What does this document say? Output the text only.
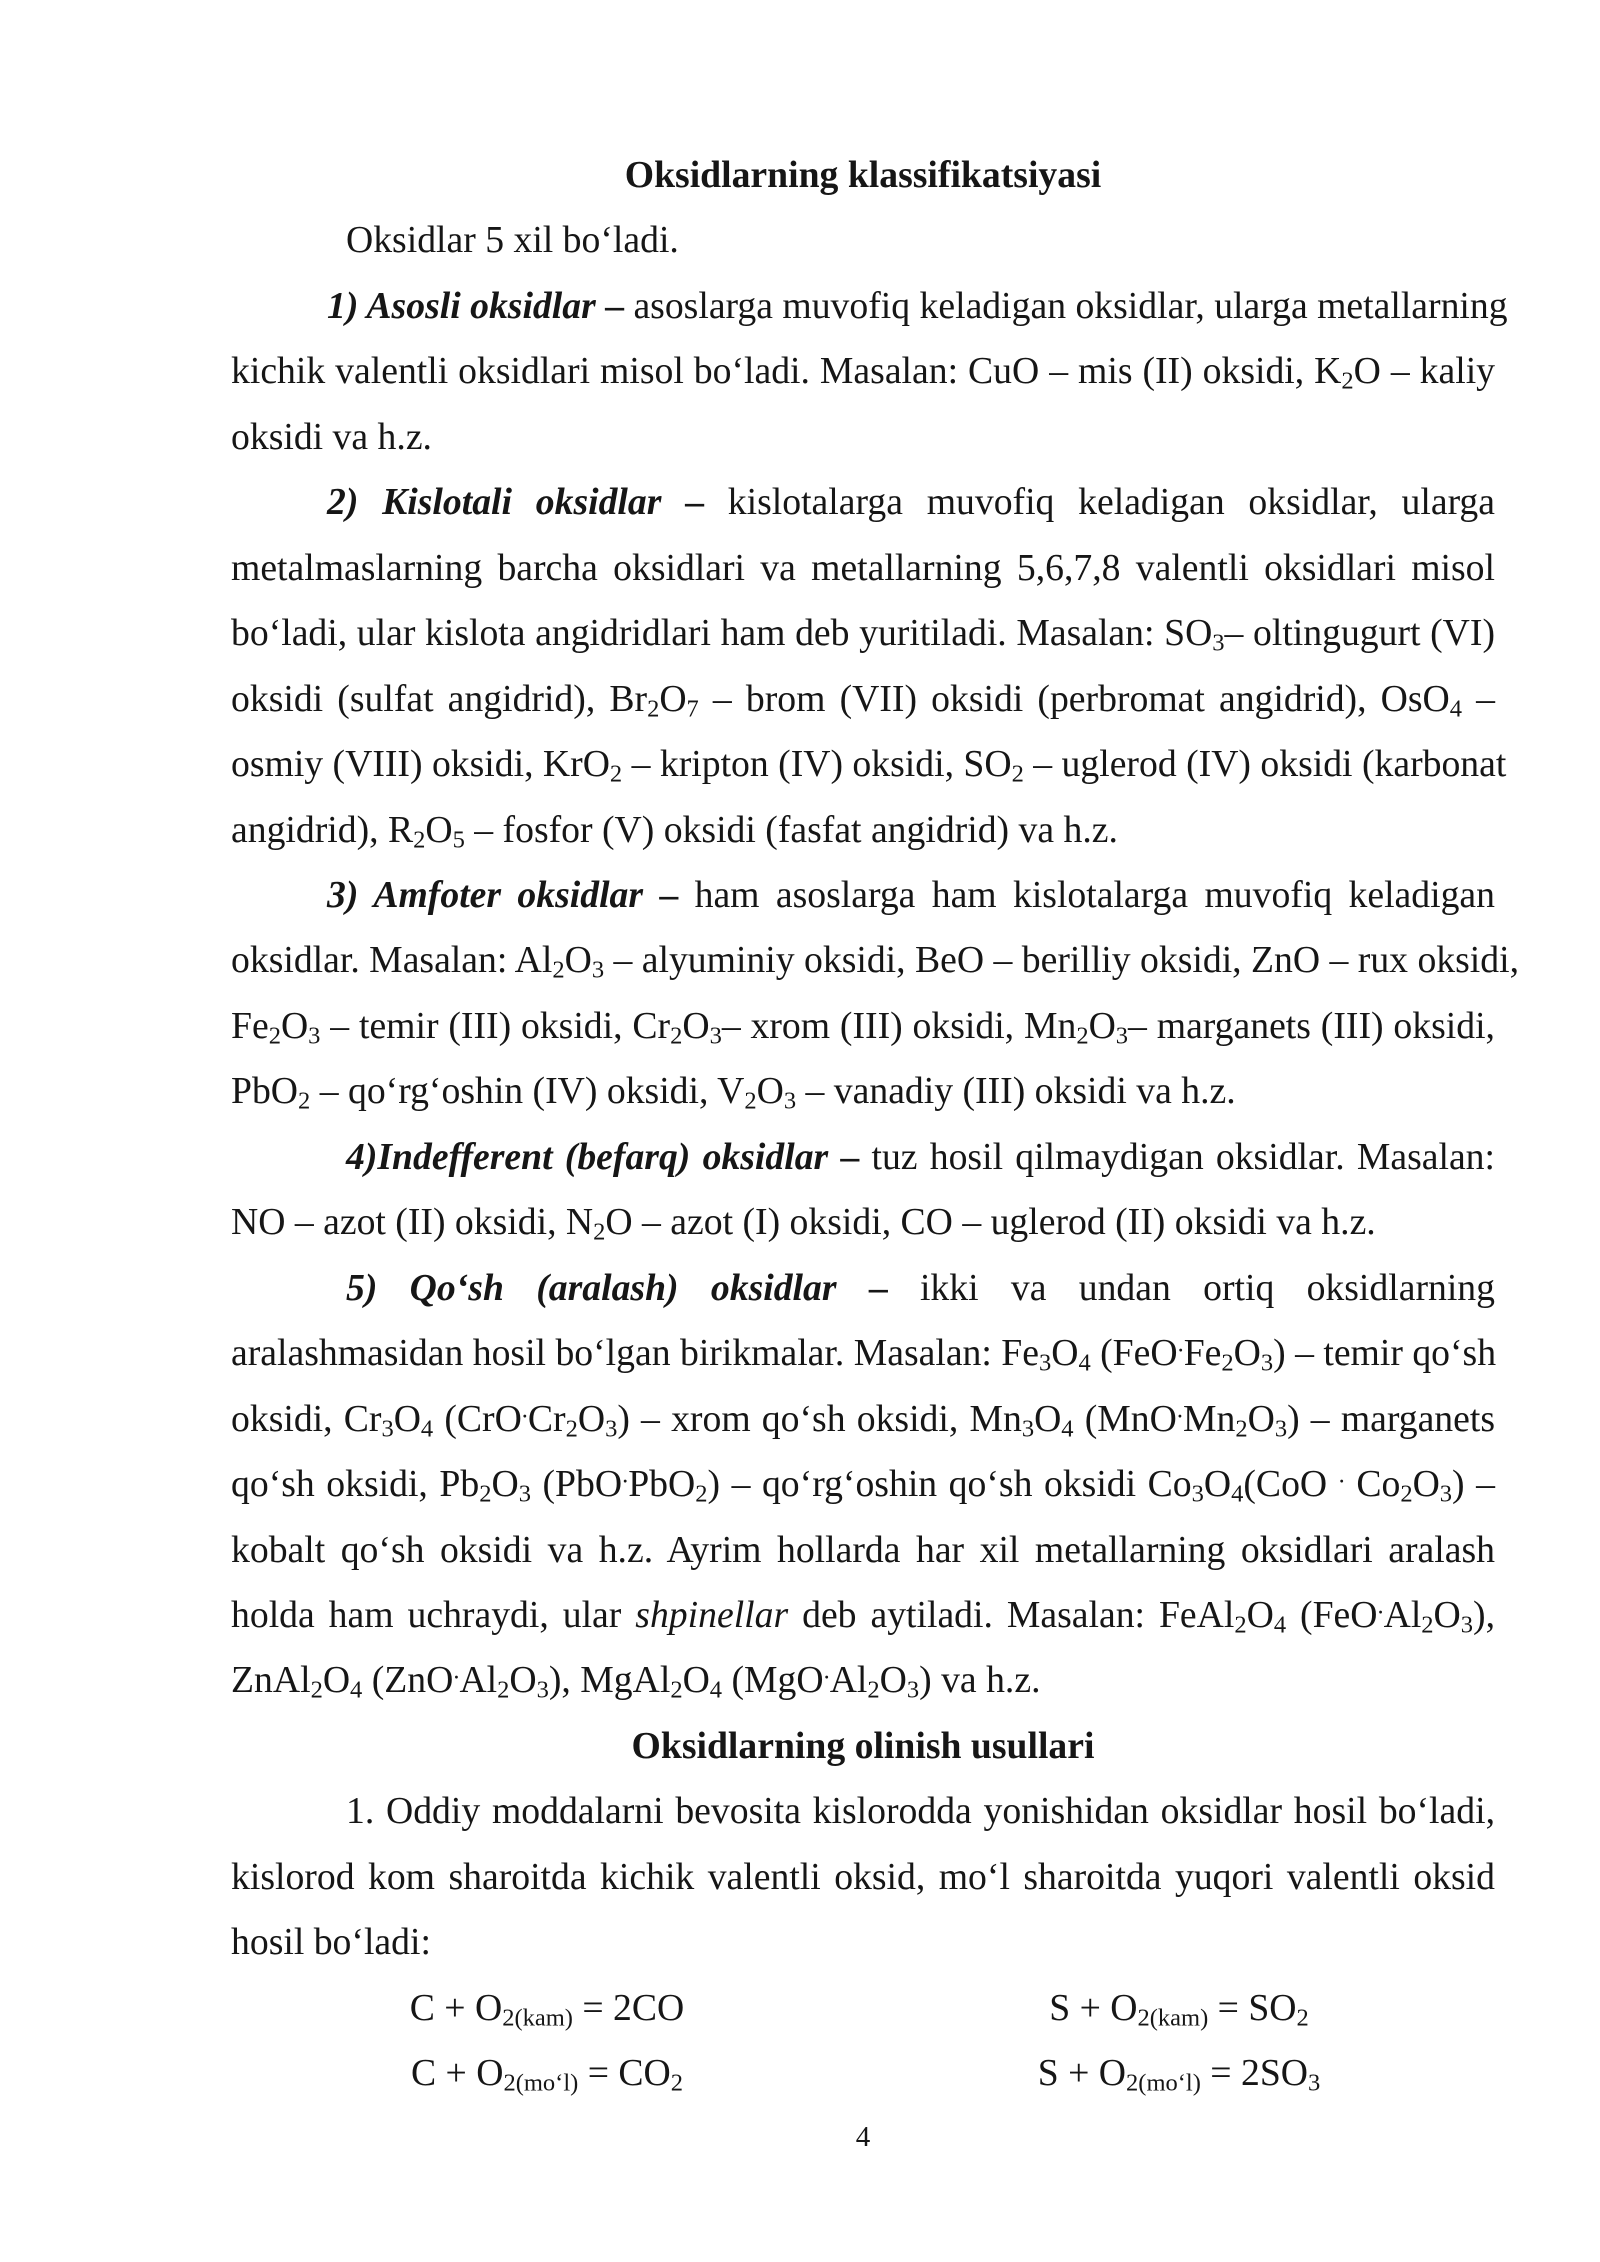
Oksidlarning klassifikatsiyasi
Oksidlar 5 xil bo‘ladi.
1) Asosli oksidlar – asoslarga muvofiq keladigan oksidlar, ularga metallarning
kichik valentli oksidlari misol bo‘ladi. Masalan: CuO – mis (II) oksidi, $K_2O$ – kaliy
oksidi va h.z.
2) Kislotali oksidlar – kislotalarga muvofiq keladigan oksidlar, ularga
metalmaslarning barcha oksidlari va metallarning 5,6,7,8 valentli oksidlari misol
bo‘ladi, ular kislota angidridlari ham deb yuritiladi. Masalan: $SO_3-$ oltingugurt (VI)
oksidi (sulfat angidrid), $Br_2O_7$ – brom (VII) oksidi (perbromat angidrid), OsO$_4$ –
osmiy (VIII) oksidi, KrO$_2$ – kripton (IV) oksidi, $SO_2$ – uglerod (IV) oksidi (karbonat
angidrid), $R_2O_5$ – fosfor (V) oksidi (fasfat angidrid) va h.z.
3) Amfoter oksidlar – ham asoslarga ham kislotalarga muvofiq keladigan
oksidlar. Masalan: $Al_2O_3$ – alyuminiy oksidi, BeO – berilliy oksidi, ZnO – rux oksidi,
$Fe_2O_3$ – temir (III) oksidi, $Cr_2O_3-$ xrom (III) oksidi, $Mn_2O_3-$ marganets (III) oksidi,
PbO$_2$ – qo‘rg‘oshin (IV) oksidi, $V_2O_3$ – vanadiy (III) oksidi va h.z.
4)Indefferent (befarq) oksidlar – tuz hosil qilmaydigan oksidlar. Masalan:
NO – azot (II) oksidi, $N_2O$ – azot (I) oksidi, CO – uglerod (II) oksidi va h.z.
5) Qo‘sh (aralash) oksidlar – ikki va undan ortiq oksidlarning
aralashmasidan hosil bo‘lgan birikmalar. Masalan: $Fe_3O_4$ $(FeO^.Fe_2O_3)$ – temir qo‘sh
oksidi, $Cr_3O_4$ $(CrO^.Cr_2O_3)$ – xrom qo‘sh oksidi, $Mn_3O_4$ $(MnO^.Mn_2O_3)$ – marganets
qo‘sh oksidi, $Pb_2O_3$ (PbO.PbO$_2$) – qo‘rg‘oshin qo‘sh oksidi $Co_3O_4(CoO$ . $Co_2O_3$) –
kobalt qo‘sh oksidi va h.z. Ayrim hollarda har xil metallarning oksidlari aralash
holda ham uchraydi, ular shpinellar deb aytiladi. Masalan: $FeAl_2O_4$ $(FeO^.Al_2O_3)$,
$ZnAl_2O_4$ $(ZnO^.Al_2O_3)$, $MgAl_2O_4$ $(MgO^.Al_2O_3)$ va h.z.
Oksidlarning olinish usullari
1. Oddiy moddalarni bevosita kislorodda yonishidan oksidlar hosil bo‘ladi,
kislorod kom sharoitda kichik valentli oksid, mo‘l sharoitda yuqori valentli oksid
hosil bo‘ladi:
$C + O_{2(kam)} = 2CO$
$C + O_{2(mo‘l)} = CO_2$
$S + O_{2(kam)} = SO_2$
$S + O_{2(mo‘l)} = 2SO_3$
4
